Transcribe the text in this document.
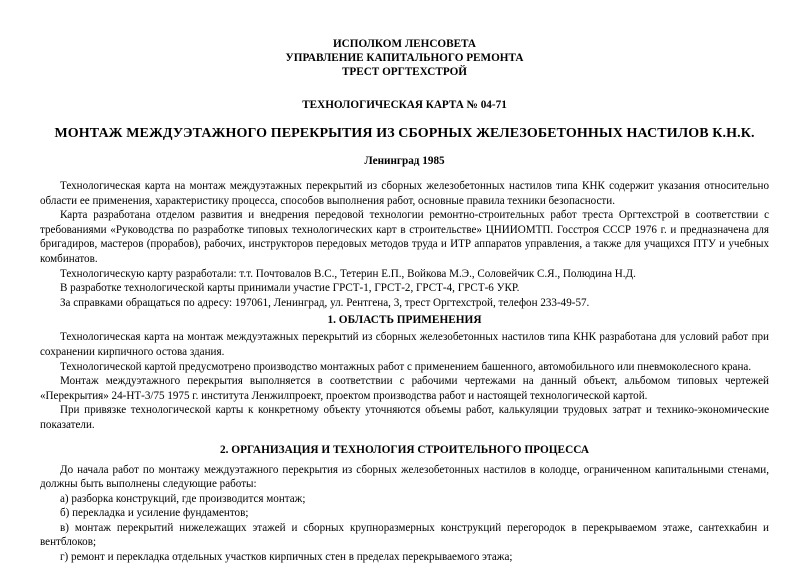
ИСПОЛКОМ ЛЕНСОВЕТА

УПРАВЛЕНИЕ КАПИТАЛЬНОГО РЕМОНТА

ТРЕСТ ОРГТЕХСТРОЙ

ТЕХНОЛОГИЧЕСКАЯ КАРТА № 04-71
МОНТАЖ МЕЖДУЭТАЖНОГО ПЕРЕКРЫТИЯ ИЗ СБОРНЫХ ЖЕЛЕЗОБЕТОННЫХ НАСТИЛОВ К.Н.К.
Ленинград 1985

Технологическая карта на монтаж междуэтажных перекрытий из сборных железобетонных настилов типа КНК содержит указания относительно области ее применения, характеристику процесса, способов выполнения работ, основные правила техники безопасности.

Карта разработана отделом развития и внедрения передовой технологии ремонтно-строительных работ треста Оргтехстрой в соответствии с требованиями «Руководства по разработке типовых технологических карт в строительстве» ЦНИИОМТП. Госстроя СССР 1976 г. и предназначена для бригадиров, мастеров (прорабов), рабочих, инструкторов передовых методов труда и ИТР аппаратов управления, а также для учащихся ПТУ и учебных комбинатов.

Технологическую карту разработали: т.т. Почтовалов В.С., Тетерин Е.П., Войкова М.Э., Соловейчик С.Я., Полюдина Н.Д.

В разработке технологической карты принимали участие ГРСТ-1, ГРСТ-2, ГРСТ-4, ГРСТ-6 УКР.

За справками обращаться по адресу: 197061, Ленинград, ул. Рентгена, 3, трест Оргтехстрой, телефон 233-49-57.

1. ОБЛАСТЬ ПРИМЕНЕНИЯ

Технологическая карта на монтаж междуэтажных перекрытий из сборных железобетонных настилов типа КНК разработана для условий работ при сохранении кирпичного остова здания.

Технологической картой предусмотрено производство монтажных работ с применением башенного, автомобильного или пневмоколесного крана.

Монтаж междуэтажного перекрытия выполняется в соответствии с рабочими чертежами на данный объект, альбомом типовых чертежей «Перекрытия» 24-НТ-3/75 1975 г. института Ленжилпроект, проектом производства работ и настоящей технологической картой.

При привязке технологической карты к конкретному объекту уточняются объемы работ, калькуляции трудовых затрат и технико-экономические показатели.

2. ОРГАНИЗАЦИЯ И ТЕХНОЛОГИЯ СТРОИТЕЛЬНОГО ПРОЦЕССА

До начала работ по монтажу междуэтажного перекрытия из сборных железобетонных настилов в колодце, ограниченном капитальными стенами, должны быть выполнены следующие работы:

а) разборка конструкций, где производится монтаж;

б) перекладка и усиление фундаментов;

в) монтаж перекрытий нижележащих этажей и сборных крупноразмерных конструкций перегородок в перекрываемом этаже, сантехкабин и вентблоков;

г) ремонт и перекладка отдельных участков кирпичных стен в пределах перекрываемого этажа;
